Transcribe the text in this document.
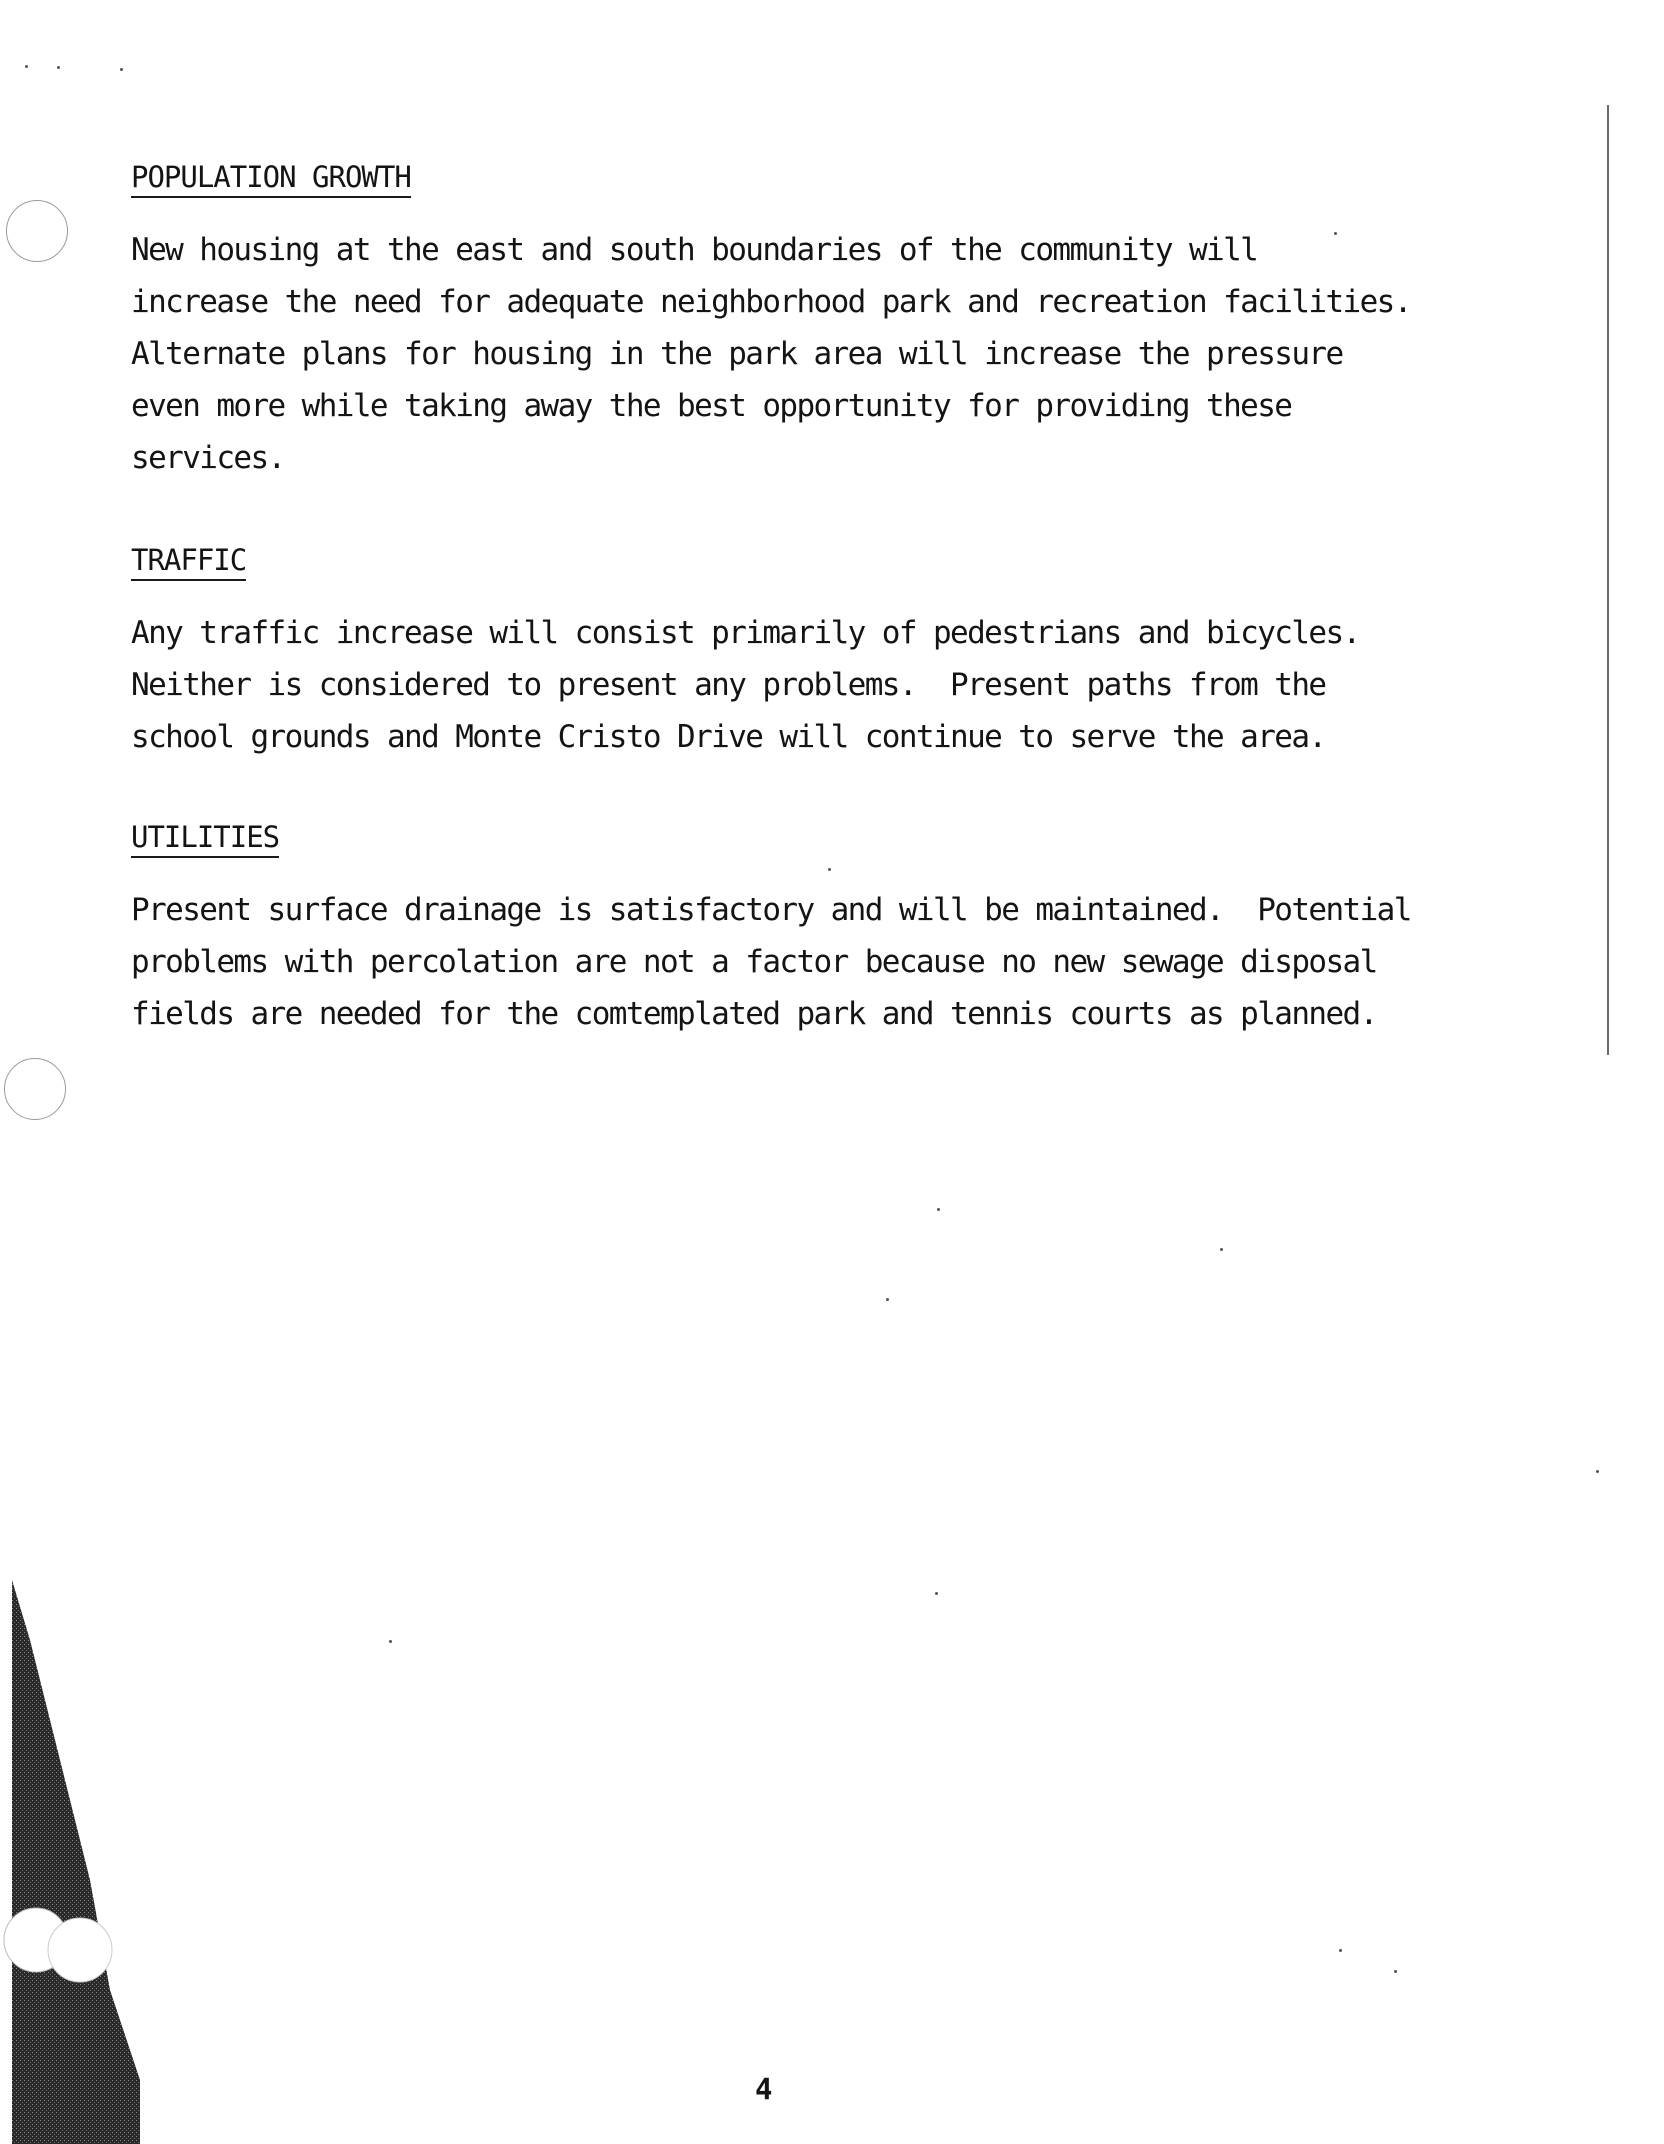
POPULATION GROWTH
New housing at the east and south boundaries of the community will
increase the need for adequate neighborhood park and recreation facilities.
Alternate plans for housing in the park area will increase the pressure
even more while taking away the best opportunity for providing these
services.
TRAFFIC
Any traffic increase will consist primarily of pedestrians and bicycles.
Neither is considered to present any problems.  Present paths from the
school grounds and Monte Cristo Drive will continue to serve the area.
UTILITIES
Present surface drainage is satisfactory and will be maintained.  Potential
problems with percolation are not a factor because no new sewage disposal
fields are needed for the comtemplated park and tennis courts as planned.
4
